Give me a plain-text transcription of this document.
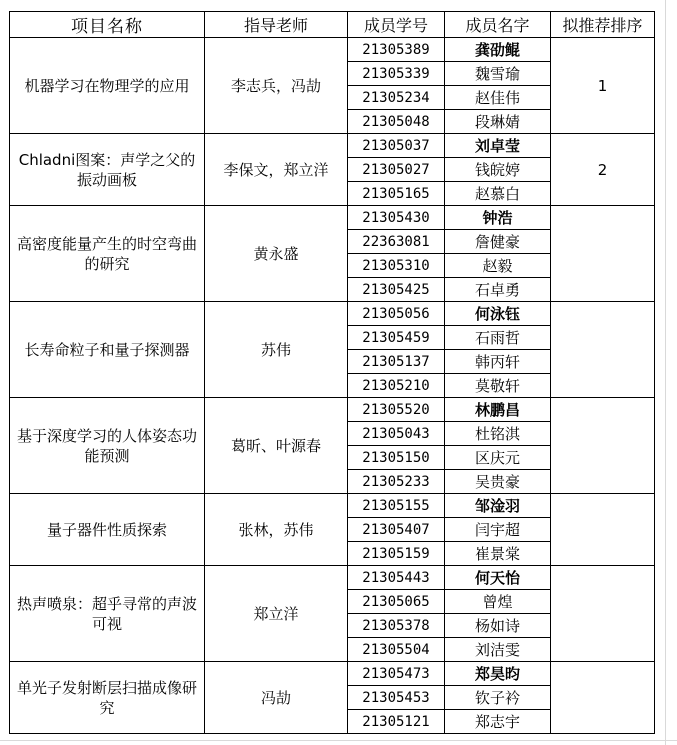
项目名称	指导老师	成员学号	成员名字	拟推荐排序
机器学习在物理学的应用	李志兵，冯劼	21305389	龚劭鲲	1
		21305339	魏雪瑜	
		21305234	赵佳伟	
		21305048	段琳婧	
Chladni图案：声学之父的振动画板	李保文，郑立洋	21305037	刘卓莹	2
		21305027	钱皖婷	
		21305165	赵慕白	
高密度能量产生的时空弯曲的研究	黄永盛	21305430	钟浩	
		22363081	詹健豪	
		21305310	赵毅	
		21305425	石卓勇	
长寿命粒子和量子探测器	苏伟	21305056	何泳钰	
		21305459	石雨哲	
		21305137	韩丙轩	
		21305210	莫敬轩	
基于深度学习的人体姿态功能预测	葛昕、叶源春	21305520	林鹏昌	
		21305043	杜铭淇	
		21305150	区庆元	
		21305233	吴贵豪	
量子器件性质探索	张林，苏伟	21305155	邹淦羽	
		21305407	闫宇超	
		21305159	崔景棠	
热声喷泉：超乎寻常的声波可视	郑立洋	21305443	何天怡	
		21305065	曾煌	
		21305378	杨如诗	
		21305504	刘洁雯	
单光子发射断层扫描成像研究	冯劼	21305473	郑昊昀	
		21305453	钦子衿	
		21305121	郑志宇	
